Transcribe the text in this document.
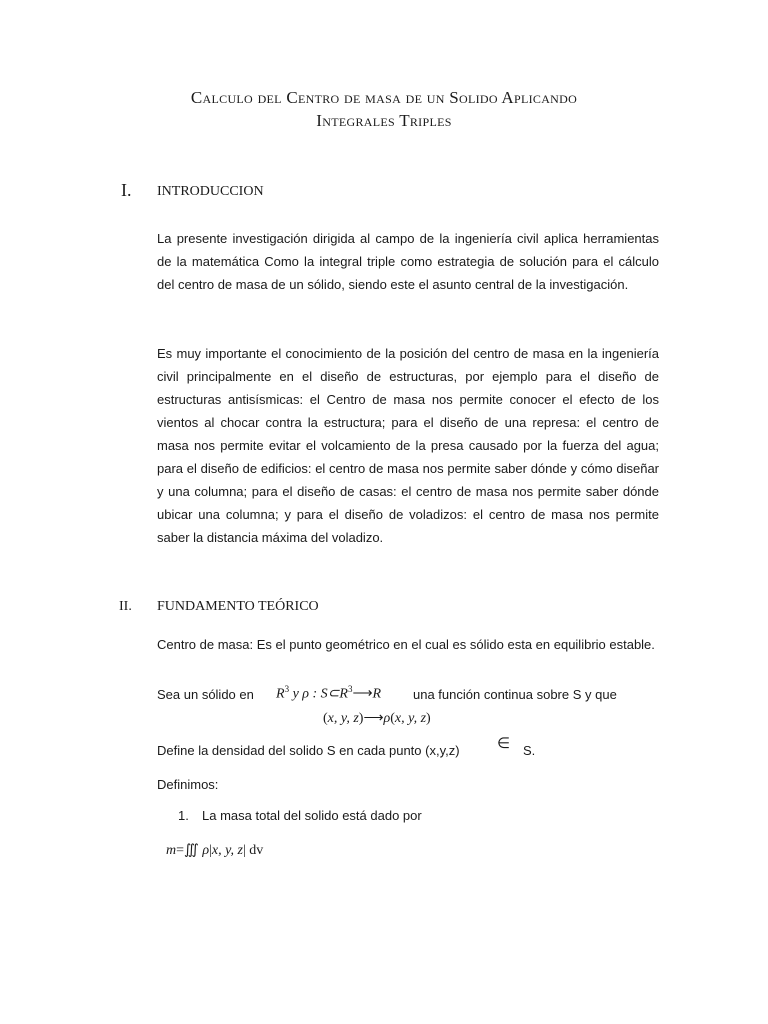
Calculo del Centro de masa de un Solido Aplicando
Integrales Triples
I. INTRODUCCION
La presente investigación dirigida al campo de la ingeniería civil aplica herramientas de la matemática Como la integral triple como estrategia de solución para el cálculo del centro de masa de un sólido, siendo este el asunto central de la investigación.
Es muy importante el conocimiento de la posición del centro de masa en la ingeniería civil principalmente en el diseño de estructuras, por ejemplo para el diseño de estructuras antisísmicas: el Centro de masa nos permite conocer el efecto de los vientos al chocar contra la estructura; para el diseño de una represa: el centro de masa nos permite evitar el volcamiento de la presa causado por la fuerza del agua; para el diseño de edificios: el centro de masa nos permite saber dónde y cómo diseñar y una columna; para el diseño de casas: el centro de masa nos permite saber dónde ubicar una columna; y para el diseño de voladizos: el centro de masa nos permite saber la distancia máxima del voladizo.
II. FUNDAMENTO TEÓRICO
Centro de masa: Es el punto geométrico en el cual es sólido esta en equilibrio estable.
Sea un sólido en $R^3$ y ρ : $S\subset R^3⟶R$ una función continua sobre S y que
(x, y, z)⟶ρ(x, y, z)
Define la densidad del solido S en cada punto (x,y,z) ∈ S.
Definimos:
1. La masa total del solido está dado por
m=∭ ρ|x, y, z| dv
